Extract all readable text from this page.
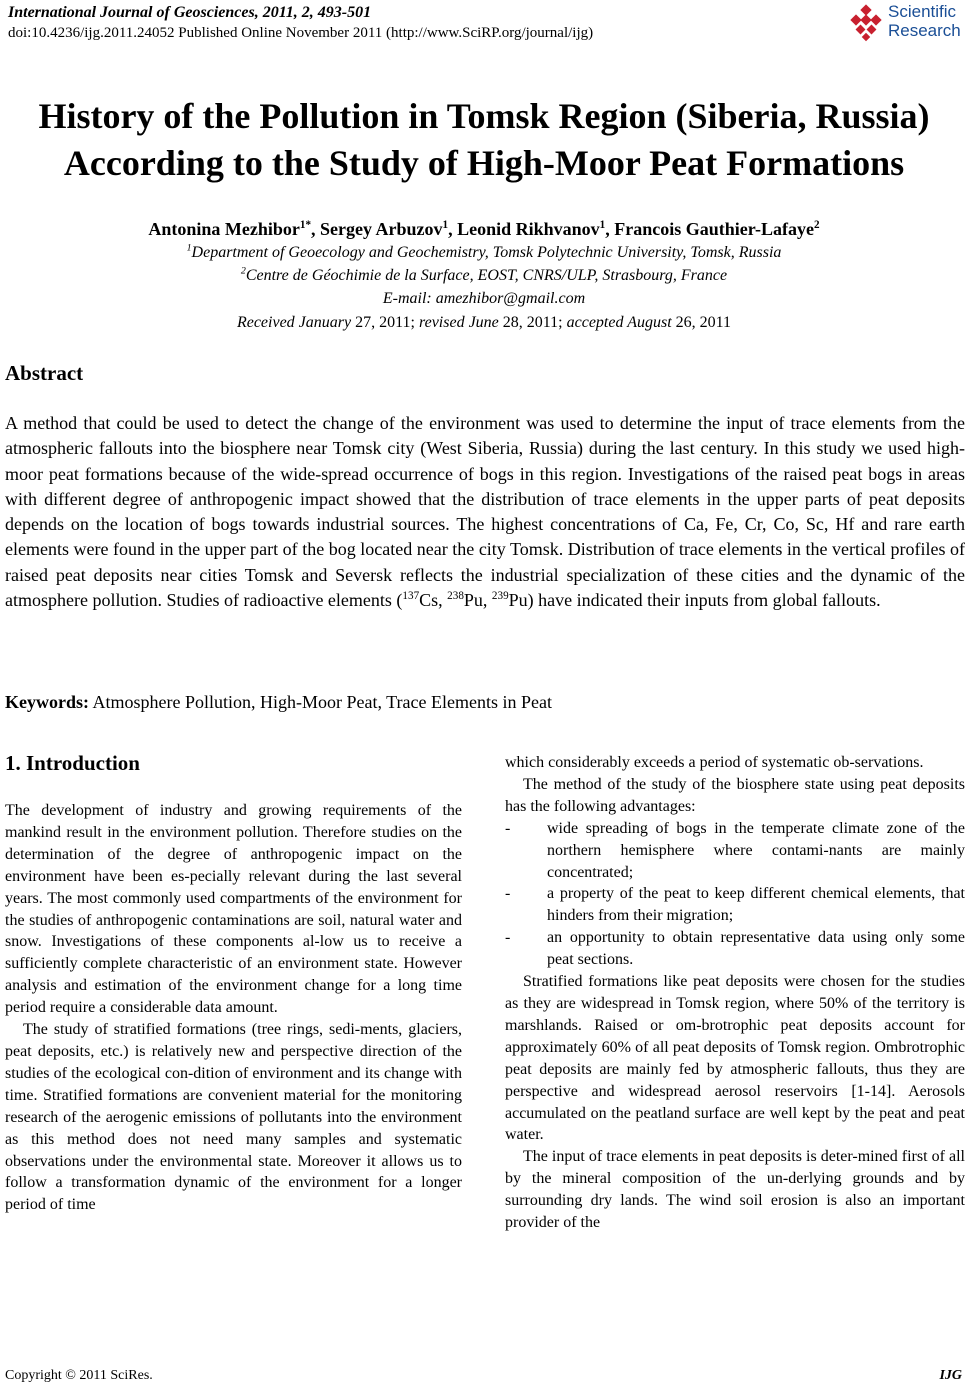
International Journal of Geosciences, 2011, 2, 493-501
doi:10.4236/ijg.2011.24052 Published Online November 2011 (http://www.SciRP.org/journal/ijg)
Scientific
Research
History of the Pollution in Tomsk Region (Siberia, Russia)
According to the Study of High-Moor Peat Formations
Antonina Mezhibor$^{1*}$, Sergey Arbuzov$^1$, Leonid Rikhvanov$^1$, Francois Gauthier-Lafaye$^2$
$^1$Department of Geoecology and Geochemistry, Tomsk Polytechnic University, Tomsk, Russia
$^2$Centre de Géochimie de la Surface, EOST, CNRS/ULP, Strasbourg, France
E-mail: amezhibor@gmail.com
Received January 27, 2011; revised June 28, 2011; accepted August 26, 2011
Abstract
A method that could be used to detect the change of the environment was used to determine the input of trace elements from the atmospheric fallouts into the biosphere near Tomsk city (West Siberia, Russia) during the last century. In this study we used high-moor peat formations because of the wide-spread occurrence of bogs in this region. Investigations of the raised peat bogs in areas with different degree of anthropogenic impact showed that the distribution of trace elements in the upper parts of peat deposits depends on the location of bogs towards industrial sources. The highest concentrations of Ca, Fe, Cr, Co, Sc, Hf and rare earth elements were found in the upper part of the bog located near the city Tomsk. Distribution of trace elements in the vertical profiles of raised peat deposits near cities Tomsk and Seversk reflects the industrial specialization of these cities and the dynamic of the atmosphere pollution. Studies of radioactive elements ($^{137}$Cs, $^{238}$Pu, $^{239}$Pu) have indicated their inputs from global fallouts.
Keywords: Atmosphere Pollution, High-Moor Peat, Trace Elements in Peat
1. Introduction

The development of industry and growing requirements of the mankind result in the environment pollution. Therefore studies on the determination of the degree of anthropogenic impact on the environment have been es-pecially relevant during the last several years. The most commonly used compartments of the environment for the studies of anthropogenic contaminations are soil, natural water and snow. Investigations of these components al-low us to receive a sufficiently complete characteristic of an environment state. However analysis and estimation of the environment change for a long time period require a considerable data amount.

The study of stratified formations (tree rings, sedi-ments, glaciers, peat deposits, etc.) is relatively new and perspective direction of the studies of the ecological con-dition of environment and its change with time. Stratified formations are convenient material for the monitoring research of the aerogenic emissions of pollutants into the environment as this method does not need many samples and systematic observations under the environmental state. Moreover it allows us to follow a transformation dynamic of the environment for a longer period of time

which considerably exceeds a period of systematic ob-servations.

The method of the study of the biosphere state using peat deposits has the following advantages:

-	wide spreading of bogs in the temperate climate zone of the northern hemisphere where contami-nants are mainly concentrated;
-	a property of the peat to keep different chemical elements, that hinders from their migration;
-	an opportunity to obtain representative data using only some peat sections.

Stratified formations like peat deposits were chosen for the studies as they are widespread in Tomsk region, where 50% of the territory is marshlands. Raised or om-brotrophic peat deposits account for approximately 60% of all peat deposits of Tomsk region. Ombrotrophic peat deposits are mainly fed by atmospheric fallouts, thus they are perspective and widespread aerosol reservoirs [1-14]. Aerosols accumulated on the peatland surface are well kept by the peat and peat water.

The input of trace elements in peat deposits is deter-mined first of all by the mineral composition of the un-derlying grounds and by surrounding dry lands. The wind soil erosion is also an important provider of the

Copyright © 2011 SciRes.	IJG
